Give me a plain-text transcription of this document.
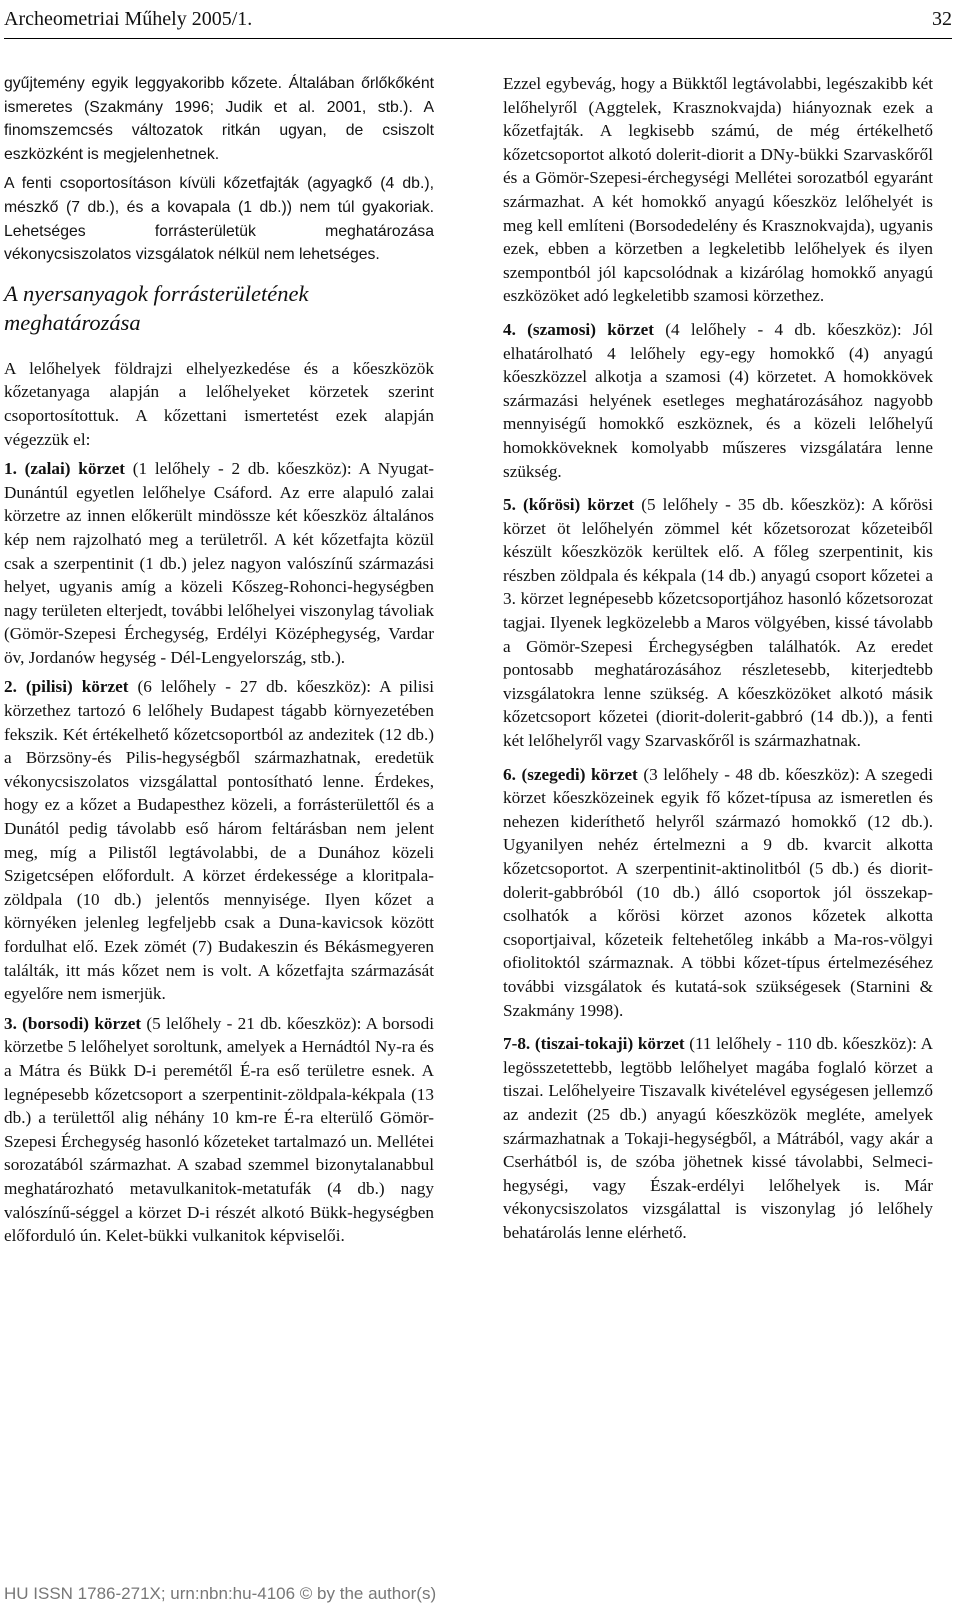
Archeometriai Műhely 2005/1.	32

gyűjtemény egyik leggyakoribb kőzete. Általában őrlőkőként ismeretes (Szakmány 1996; Judik et al. 2001, stb.). A finomszemcsés változatok ritkán ugyan, de csiszolt eszközként is megjelenhetnek.

A fenti csoportosításon kívüli kőzetfajták (agyagkő (4 db.), mészkő (7 db.), és a kovapala (1 db.)) nem túl gyakoriak. Lehetséges forrásterületük meghatározása vékonycsiszolatos vizsgálatok nélkül nem lehetséges.

A nyersanyagok forrásterületének
meghatározása

A lelőhelyek földrajzi elhelyezkedése és a kőeszközök kőzetanyaga alapján a lelőhelyeket körzetek szerint csoportosítottuk. A kőzettani ismertetést ezek alapján végezzük el:

1. (zalai) körzet (1 lelőhely - 2 db. kőeszköz): A Nyugat-Dunántúl egyetlen lelőhelye Csáford. Az erre alapuló zalai körzetre az innen előkerült mindössze két kőeszköz általános kép nem rajzolható meg a területről. A két kőzetfajta közül csak a szerpentinit (1 db.) jelez nagyon valószínű származási helyet, ugyanis amíg a közeli Kőszeg-Rohonci-hegységben nagy területen elterjedt, további lelőhelyei viszonylag távoliak (Gömör-Szepesi Érchegység, Erdélyi Középhegység, Vardar öv, Jordanów hegység - Dél-Lengyelország, stb.).

2. (pilisi) körzet (6 lelőhely - 27 db. kőeszköz): A pilisi körzethez tartozó 6 lelőhely Budapest tágabb környezetében fekszik. Két értékelhető kőzetcsoportból az andezitek (12 db.) a Börzsöny-és Pilis-hegységből származhatnak, eredetük vékonycsiszolatos vizsgálattal pontosítható lenne. Érdekes, hogy ez a kőzet a Budapesthez közeli, a forrásterülettől és a Dunától pedig távolabb eső három feltárásban nem jelent meg, míg a Pilistől legtávolabbi, de a Dunához közeli Szigetcsépen előfordult. A körzet érdekessége a kloritpala-zöldpala (10 db.) jelentős mennyisége. Ilyen kőzet a környéken jelenleg legfeljebb csak a Duna-kavicsok között fordulhat elő. Ezek zömét (7) Budakeszin és Békásmegyeren találták, itt más kőzet nem is volt. A kőzetfajta származását egyelőre nem ismerjük.

3. (borsodi) körzet (5 lelőhely - 21 db. kőeszköz): A borsodi körzetbe 5 lelőhelyet soroltunk, amelyek a Hernádtól Ny-ra és a Mátra és Bükk D-i peremétől É-ra eső területre esnek. A legnépesebb kőzetcsoport a szerpentinit-zöldpala-kékpala (13 db.) a területtől alig néhány 10 km-re É-ra elterülő Gömör-Szepesi Érchegység hasonló kőzeteket tartalmazó un. Mellétei sorozatából származhat. A szabad szemmel bizonytalanabbul meghatározható metavulkanitok-metatufák (4 db.) nagy valószínű-séggel a körzet D-i részét alkotó Bükk-hegységben előforduló ún. Kelet-bükki vulkanitok képviselői.

Ezzel egybevág, hogy a Bükktől legtávolabbi, legészakibb két lelőhelyről (Aggtelek, Krasznokvajda) hiányoznak ezek a kőzetfajták. A legkisebb számú, de még értékelhető kőzetcsoportot alkotó dolerit-diorit a DNy-bükki Szarvaskőről és a Gömör-Szepesi-érchegységi Mellétei sorozatból egyaránt származhat. A két homokkő anyagú kőeszköz lelőhelyét is meg kell említeni (Borsodedelény és Krasznokvajda), ugyanis ezek, ebben a körzetben a legkeletibb lelőhelyek és ilyen szempontból jól kapcsolódnak a kizárólag homokkő anyagú eszközöket adó legkeletibb szamosi körzethez.

4. (szamosi) körzet (4 lelőhely - 4 db. kőeszköz): Jól elhatárolható 4 lelőhely egy-egy homokkő (4) anyagú kőeszközzel alkotja a szamosi (4) körzetet. A homokkövek származási helyének esetleges meghatározásához nagyobb mennyiségű homokkő eszköznek, és a közeli lelőhelyű homokköveknek komolyabb műszeres vizsgálatára lenne szükség.

5. (kőrösi) körzet (5 lelőhely - 35 db. kőeszköz): A kőrösi körzet öt lelőhelyén zömmel két kőzetsorozat kőzeteiből készült kőeszközök kerültek elő. A főleg szerpentinit, kis részben zöldpala és kékpala (14 db.) anyagú csoport kőzetei a 3. körzet legnépesebb kőzetcsoportjához hasonló kőzetsorozat tagjai. Ilyenek legközelebb a Maros völgyében, kissé távolabb a Gömör-Szepesi Érchegységben találhatók. Az eredet pontosabb meghatározásához részletesebb, kiterjedtebb vizsgálatokra lenne szükség. A kőeszközöket alkotó másik kőzetcsoport kőzetei (diorit-dolerit-gabbró (14 db.)), a fenti két lelőhelyről vagy Szarvaskőről is származhatnak.

6. (szegedi) körzet (3 lelőhely - 48 db. kőeszköz): A szegedi körzet kőeszközeinek egyik fő kőzet-típusa az ismeretlen és nehezen kideríthető helyről származó homokkő (12 db.). Ugyanilyen nehéz értelmezni a 9 db. kvarcit alkotta kőzetcsoportot. A szerpentinit-aktinolitból (5 db.) és diorit-dolerit-gabbróból (10 db.) álló csoportok jól összekap-csolhatók a kőrösi körzet azonos kőzetek alkotta csoportjaival, kőzeteik feltehetőleg inkább a Ma-ros-völgyi ofiolitoktól származnak. A többi kőzet-típus értelmezéséhez további vizsgálatok és kutatá-sok szükségesek (Starnini & Szakmány 1998).

7-8. (tiszai-tokaji) körzet (11 lelőhely - 110 db. kőeszköz): A legösszetettebb, legtöbb lelőhelyet magába foglaló körzet a tiszai. Lelőhelyeire Tiszavalk kivételével egységesen jellemző az andezit (25 db.) anyagú kőeszközök megléte, amelyek származhatnak a Tokaji-hegységből, a Mátrából, vagy akár a Cserhátból is, de szóba jöhetnek kissé távolabbi, Selmeci-hegységi, vagy Észak-erdélyi lelőhelyek is. Már vékonycsiszolatos vizsgálattal is viszonylag jó lelőhely behatárolás lenne elérhető.

HU ISSN 1786-271X; urn:nbn:hu-4106 © by the author(s)
